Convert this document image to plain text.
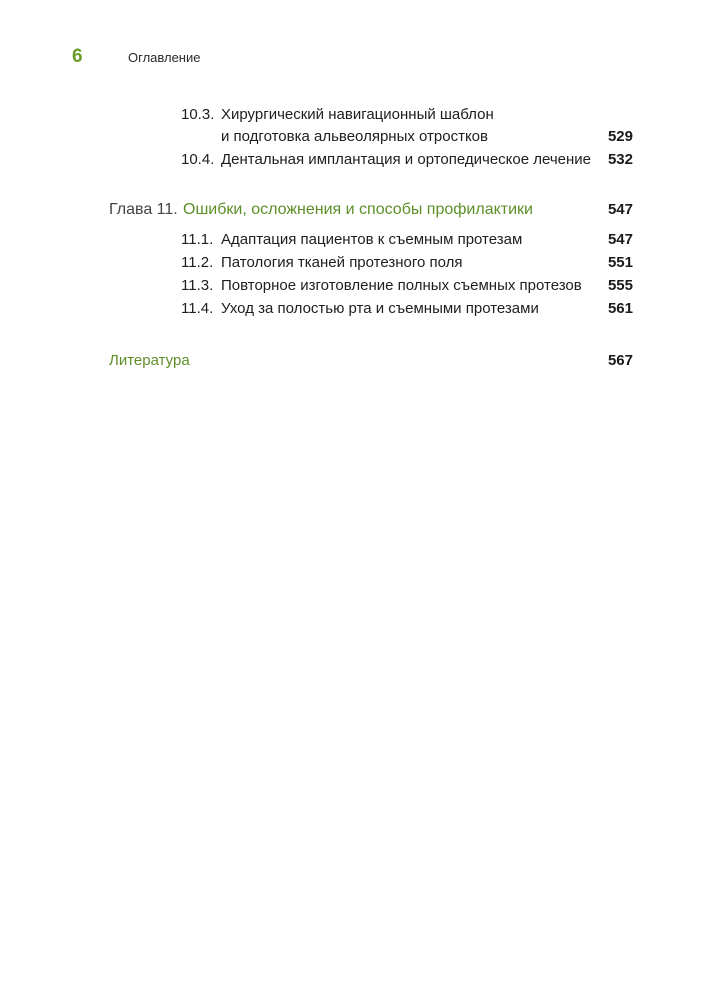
6	Оглавление
10.3. Хирургический навигационный шаблон
и подготовка альвеолярных отростков	529
10.4. Дентальная имплантация и ортопедическое лечение 532
Глава 11. Ошибки, осложнения и способы профилактики	547
11.1. Адаптация пациентов к съемным протезам	547
11.2. Патология тканей протезного поля	551
11.3. Повторное изготовление полных съемных протезов 555
11.4. Уход за полостью рта и съемными протезами	561
Литература	567
